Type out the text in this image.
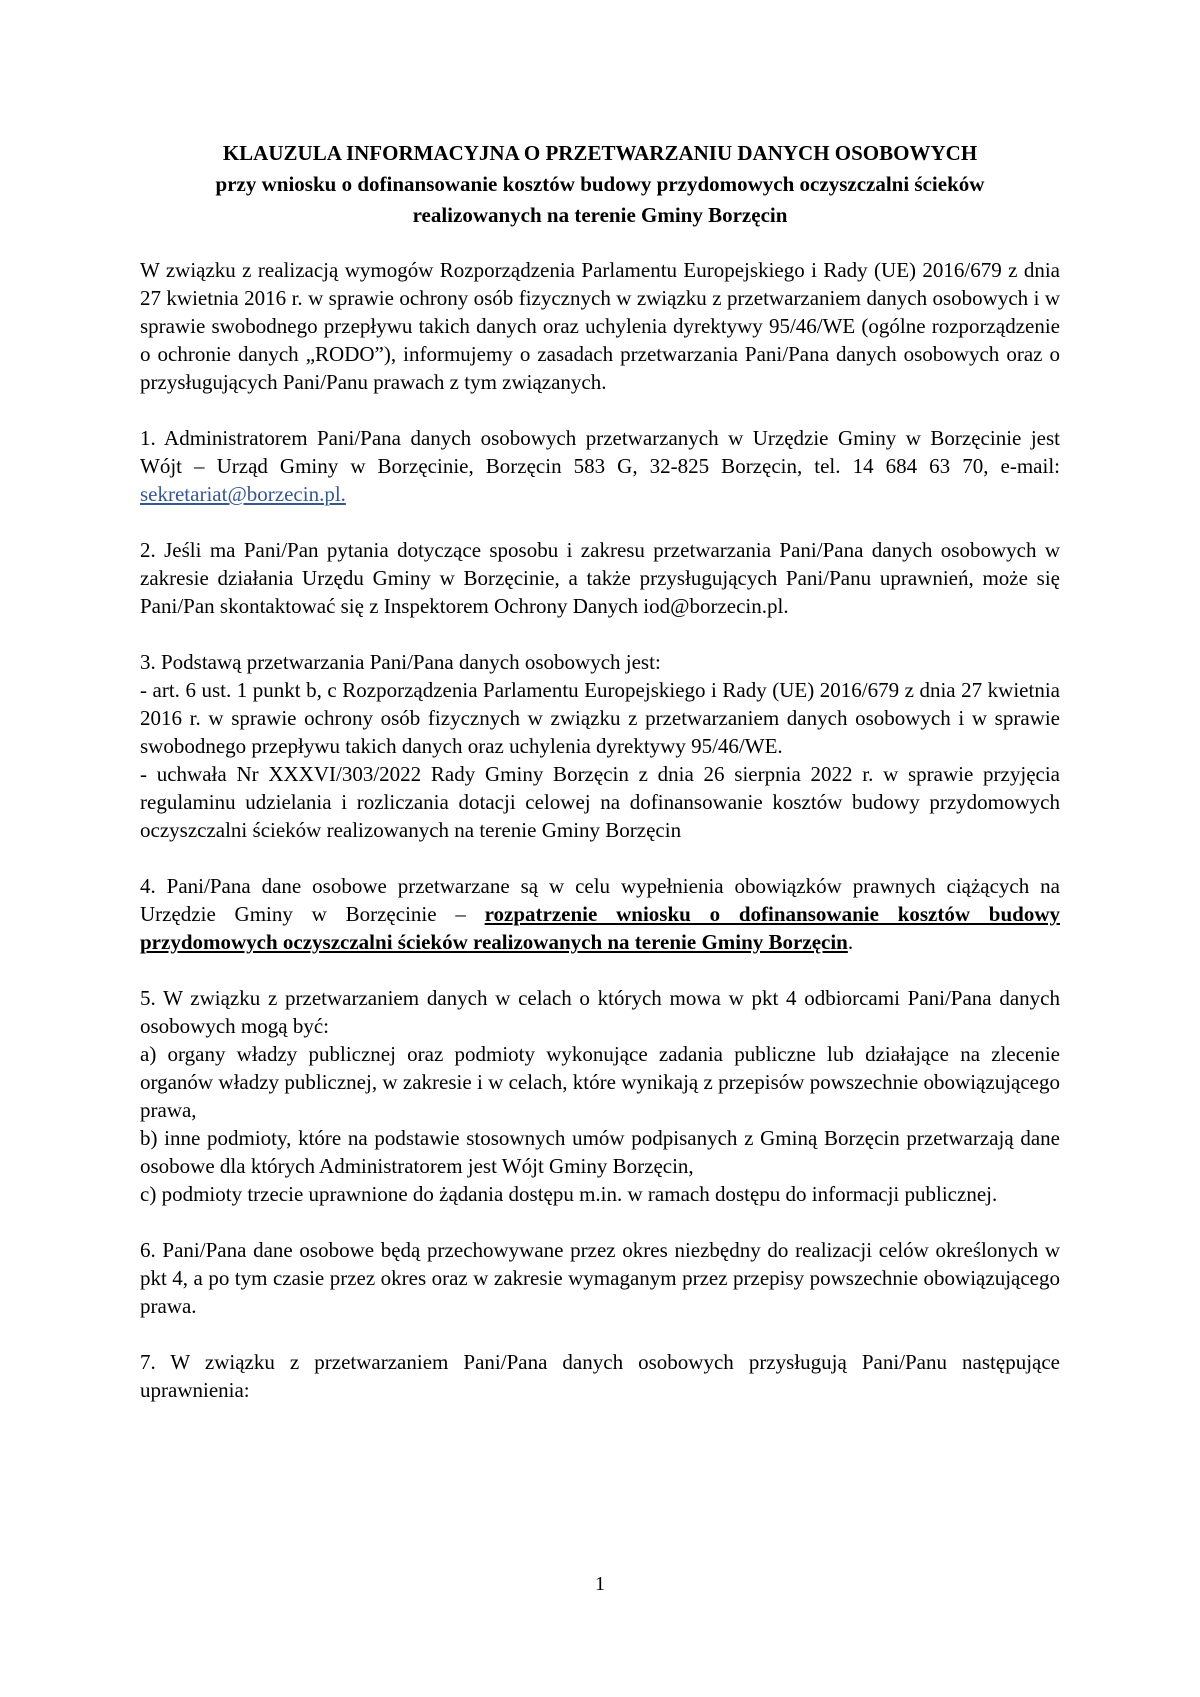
KLAUZULA INFORMACYJNA O PRZETWARZANIU DANYCH OSOBOWYCH
przy wniosku o dofinansowanie kosztów budowy przydomowych oczyszczalni ścieków
realizowanych na terenie Gminy Borzęcin

W związku z realizacją wymogów Rozporządzenia Parlamentu Europejskiego i Rady (UE) 2016/679 z dnia 27 kwietnia 2016 r. w sprawie ochrony osób fizycznych w związku z przetwarzaniem danych osobowych i w sprawie swobodnego przepływu takich danych oraz uchylenia dyrektywy 95/46/WE (ogólne rozporządzenie o ochronie danych „RODO”), informujemy o zasadach przetwarzania Pani/Pana danych osobowych oraz o przysługujących Pani/Panu prawach z tym związanych.

1. Administratorem Pani/Pana danych osobowych przetwarzanych w Urzędzie Gminy w Borzęcinie jest Wójt – Urząd Gminy w Borzęcinie, Borzęcin 583 G, 32-825 Borzęcin, tel. 14 684 63 70, e-mail: sekretariat@borzecin.pl.

2. Jeśli ma Pani/Pan pytania dotyczące sposobu i zakresu przetwarzania Pani/Pana danych osobowych w zakresie działania Urzędu Gminy w Borzęcinie, a także przysługujących Pani/Panu uprawnień, może się Pani/Pan skontaktować się z Inspektorem Ochrony Danych iod@borzecin.pl.

3. Podstawą przetwarzania Pani/Pana danych osobowych jest:
- art. 6 ust. 1 punkt b, c Rozporządzenia Parlamentu Europejskiego i Rady (UE) 2016/679 z dnia 27 kwietnia 2016 r. w sprawie ochrony osób fizycznych w związku z przetwarzaniem danych osobowych i w sprawie swobodnego przepływu takich danych oraz uchylenia dyrektywy 95/46/WE.
- uchwała Nr XXXVI/303/2022 Rady Gminy Borzęcin z dnia 26 sierpnia 2022 r. w sprawie przyjęcia regulaminu udzielania i rozliczania dotacji celowej na dofinansowanie kosztów budowy przydomowych oczyszczalni ścieków realizowanych na terenie Gminy Borzęcin

4. Pani/Pana dane osobowe przetwarzane są w celu wypełnienia obowiązków prawnych ciążących na Urzędzie Gminy w Borzęcinie – rozpatrzenie wniosku o dofinansowanie kosztów budowy przydomowych oczyszczalni ścieków realizowanych na terenie Gminy Borzęcin.

5. W związku z przetwarzaniem danych w celach o których mowa w pkt 4 odbiorcami Pani/Pana danych osobowych mogą być:
a) organy władzy publicznej oraz podmioty wykonujące zadania publiczne lub działające na zlecenie organów władzy publicznej, w zakresie i w celach, które wynikają z przepisów powszechnie obowiązującego prawa,
b) inne podmioty, które na podstawie stosownych umów podpisanych z Gminą Borzęcin przetwarzają dane osobowe dla których Administratorem jest Wójt Gminy Borzęcin,
c) podmioty trzecie uprawnione do żądania dostępu m.in. w ramach dostępu do informacji publicznej.

6. Pani/Pana dane osobowe będą przechowywane przez okres niezbędny do realizacji celów określonych w pkt 4, a po tym czasie przez okres oraz w zakresie wymaganym przez przepisy powszechnie obowiązującego prawa.

7. W związku z przetwarzaniem Pani/Pana danych osobowych przysługują Pani/Panu następujące uprawnienia:

1
